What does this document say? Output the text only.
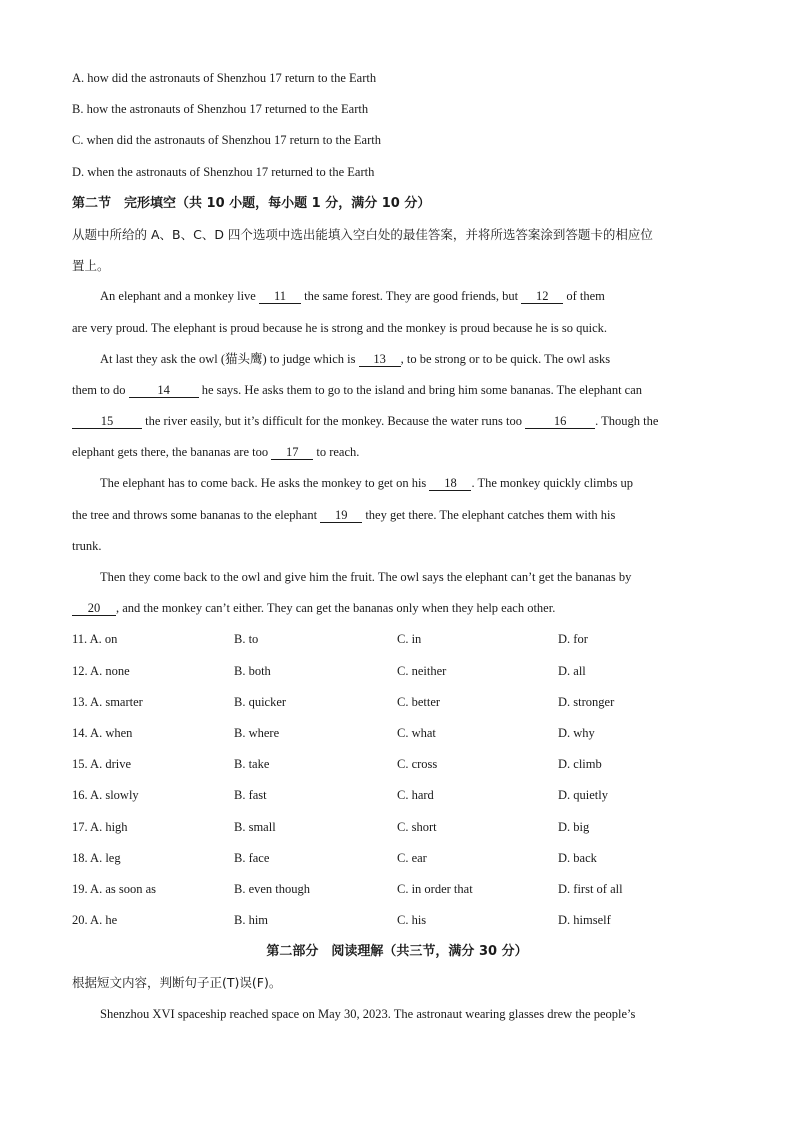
A. how did the astronauts of Shenzhou 17 return to the Earth
B. how the astronauts of Shenzhou 17 returned to the Earth
C. when did the astronauts of Shenzhou 17 return to the Earth
D. when the astronauts of Shenzhou 17 returned to the Earth
第二节　完形填空（共 10 小题，每小题 1 分，满分 10 分）
从题中所给的 A、B、C、D 四个选项中选出能填入空白处的最佳答案，并将所选答案涂到答题卡的相应位
置上。
An elephant and a monkey live 11 the same forest. They are good friends, but 12 of them
are very proud. The elephant is proud because he is strong and the monkey is proud because he is so quick.
At last they ask the owl (猫头鹰) to judge which is 13 , to be strong or to be quick. The owl asks
them to do 14 he says. He asks them to go to the island and bring him some bananas. The elephant can
15 the river easily, but it’s difficult for the monkey. Because the water runs too 16 . Though the
elephant gets there, the bananas are too 17 to reach.
The elephant has to come back. He asks the monkey to get on his 18 . The monkey quickly climbs up
the tree and throws some bananas to the elephant 19 they get there. The elephant catches them with his
trunk.
Then they come back to the owl and give him the fruit. The owl says the elephant can’t get the bananas by
20 , and the monkey can’t either. They can get the bananas only when they help each other.
11. A. on	B. to	C. in	D. for
12. A. none	B. both	C. neither	D. all
13. A. smarter	B. quicker	C. better	D. stronger
14. A. when	B. where	C. what	D. why
15. A. drive	B. take	C. cross	D. climb
16. A. slowly	B. fast	C. hard	D. quietly
17. A. high	B. small	C. short	D. big
18. A. leg	B. face	C. ear	D. back
19. A. as soon as	B. even though	C. in order that	D. first of all
20. A. he	B. him	C. his	D. himself
第二部分　阅读理解（共三节，满分 30 分）
根据短文内容，判断句子正(T)误(F)。
Shenzhou XVI spaceship reached space on May 30, 2023. The astronaut wearing glasses drew the people’s
